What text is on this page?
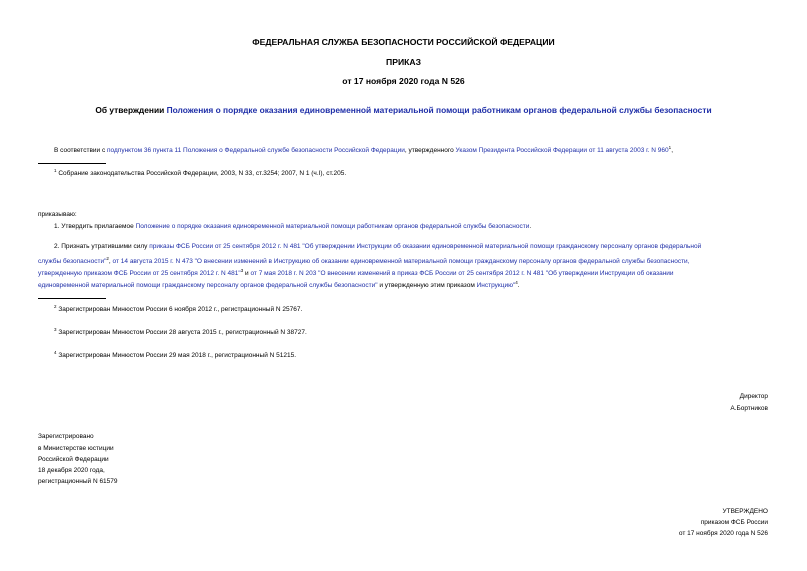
ФЕДЕРАЛЬНАЯ СЛУЖБА БЕЗОПАСНОСТИ РОССИЙСКОЙ ФЕДЕРАЦИИ
ПРИКАЗ
от 17 ноября 2020 года N 526
Об утверждении Положения о порядке оказания единовременной материальной помощи работникам органов федеральной службы безопасности
В соответствии с подпунктом 36 пункта 11 Положения о Федеральной службе безопасности Российской Федерации, утвержденного Указом Президента Российской Федерации от 11 августа 2003 г. N $960^1$,
$^1$ Собрание законодательства Российской Федерации, 2003, N 33, ст.3254; 2007, N 1 (ч.I), ст.205.
приказываю:
1. Утвердить прилагаемое Положение о порядке оказания единовременной материальной помощи работникам органов федеральной службы безопасности.
2. Признать утратившими силу приказы ФСБ России от 25 сентября 2012 г. N 481 "Об утверждении Инструкции об оказании единовременной материальной помощи гражданскому персоналу органов федеральной
службы безопасности"$^2$, от 14 августа 2015 г. N 473 "О внесении изменений в Инструкцию об оказании единовременной материальной помощи гражданскому персоналу органов федеральной службы безопасности,
утвержденную приказом ФСБ России от 25 сентября 2012 г. N 481"$^3$ и от 7 мая 2018 г. N 203 "О внесении изменений в приказ ФСБ России от 25 сентября 2012 г. N 481 "Об утверждении Инструкции об оказании
единовременной материальной помощи гражданскому персоналу органов федеральной службы безопасности" и утвержденную этим приказом Инструкцию"$^4$.
$^2$ Зарегистрирован Минюстом России 6 ноября 2012 г., регистрационный N 25767.
$^3$ Зарегистрирован Минюстом России 28 августа 2015 г., регистрационный N 38727.
$^4$ Зарегистрирован Минюстом России 29 мая 2018 г., регистрационный N 51215.
Директор
А.Бортников
Зарегистрировано
в Министерстве юстиции
Российской Федерации
18 декабря 2020 года,
регистрационный N 61579
УТВЕРЖДЕНО
приказом ФСБ России
от 17 ноября 2020 года N 526
